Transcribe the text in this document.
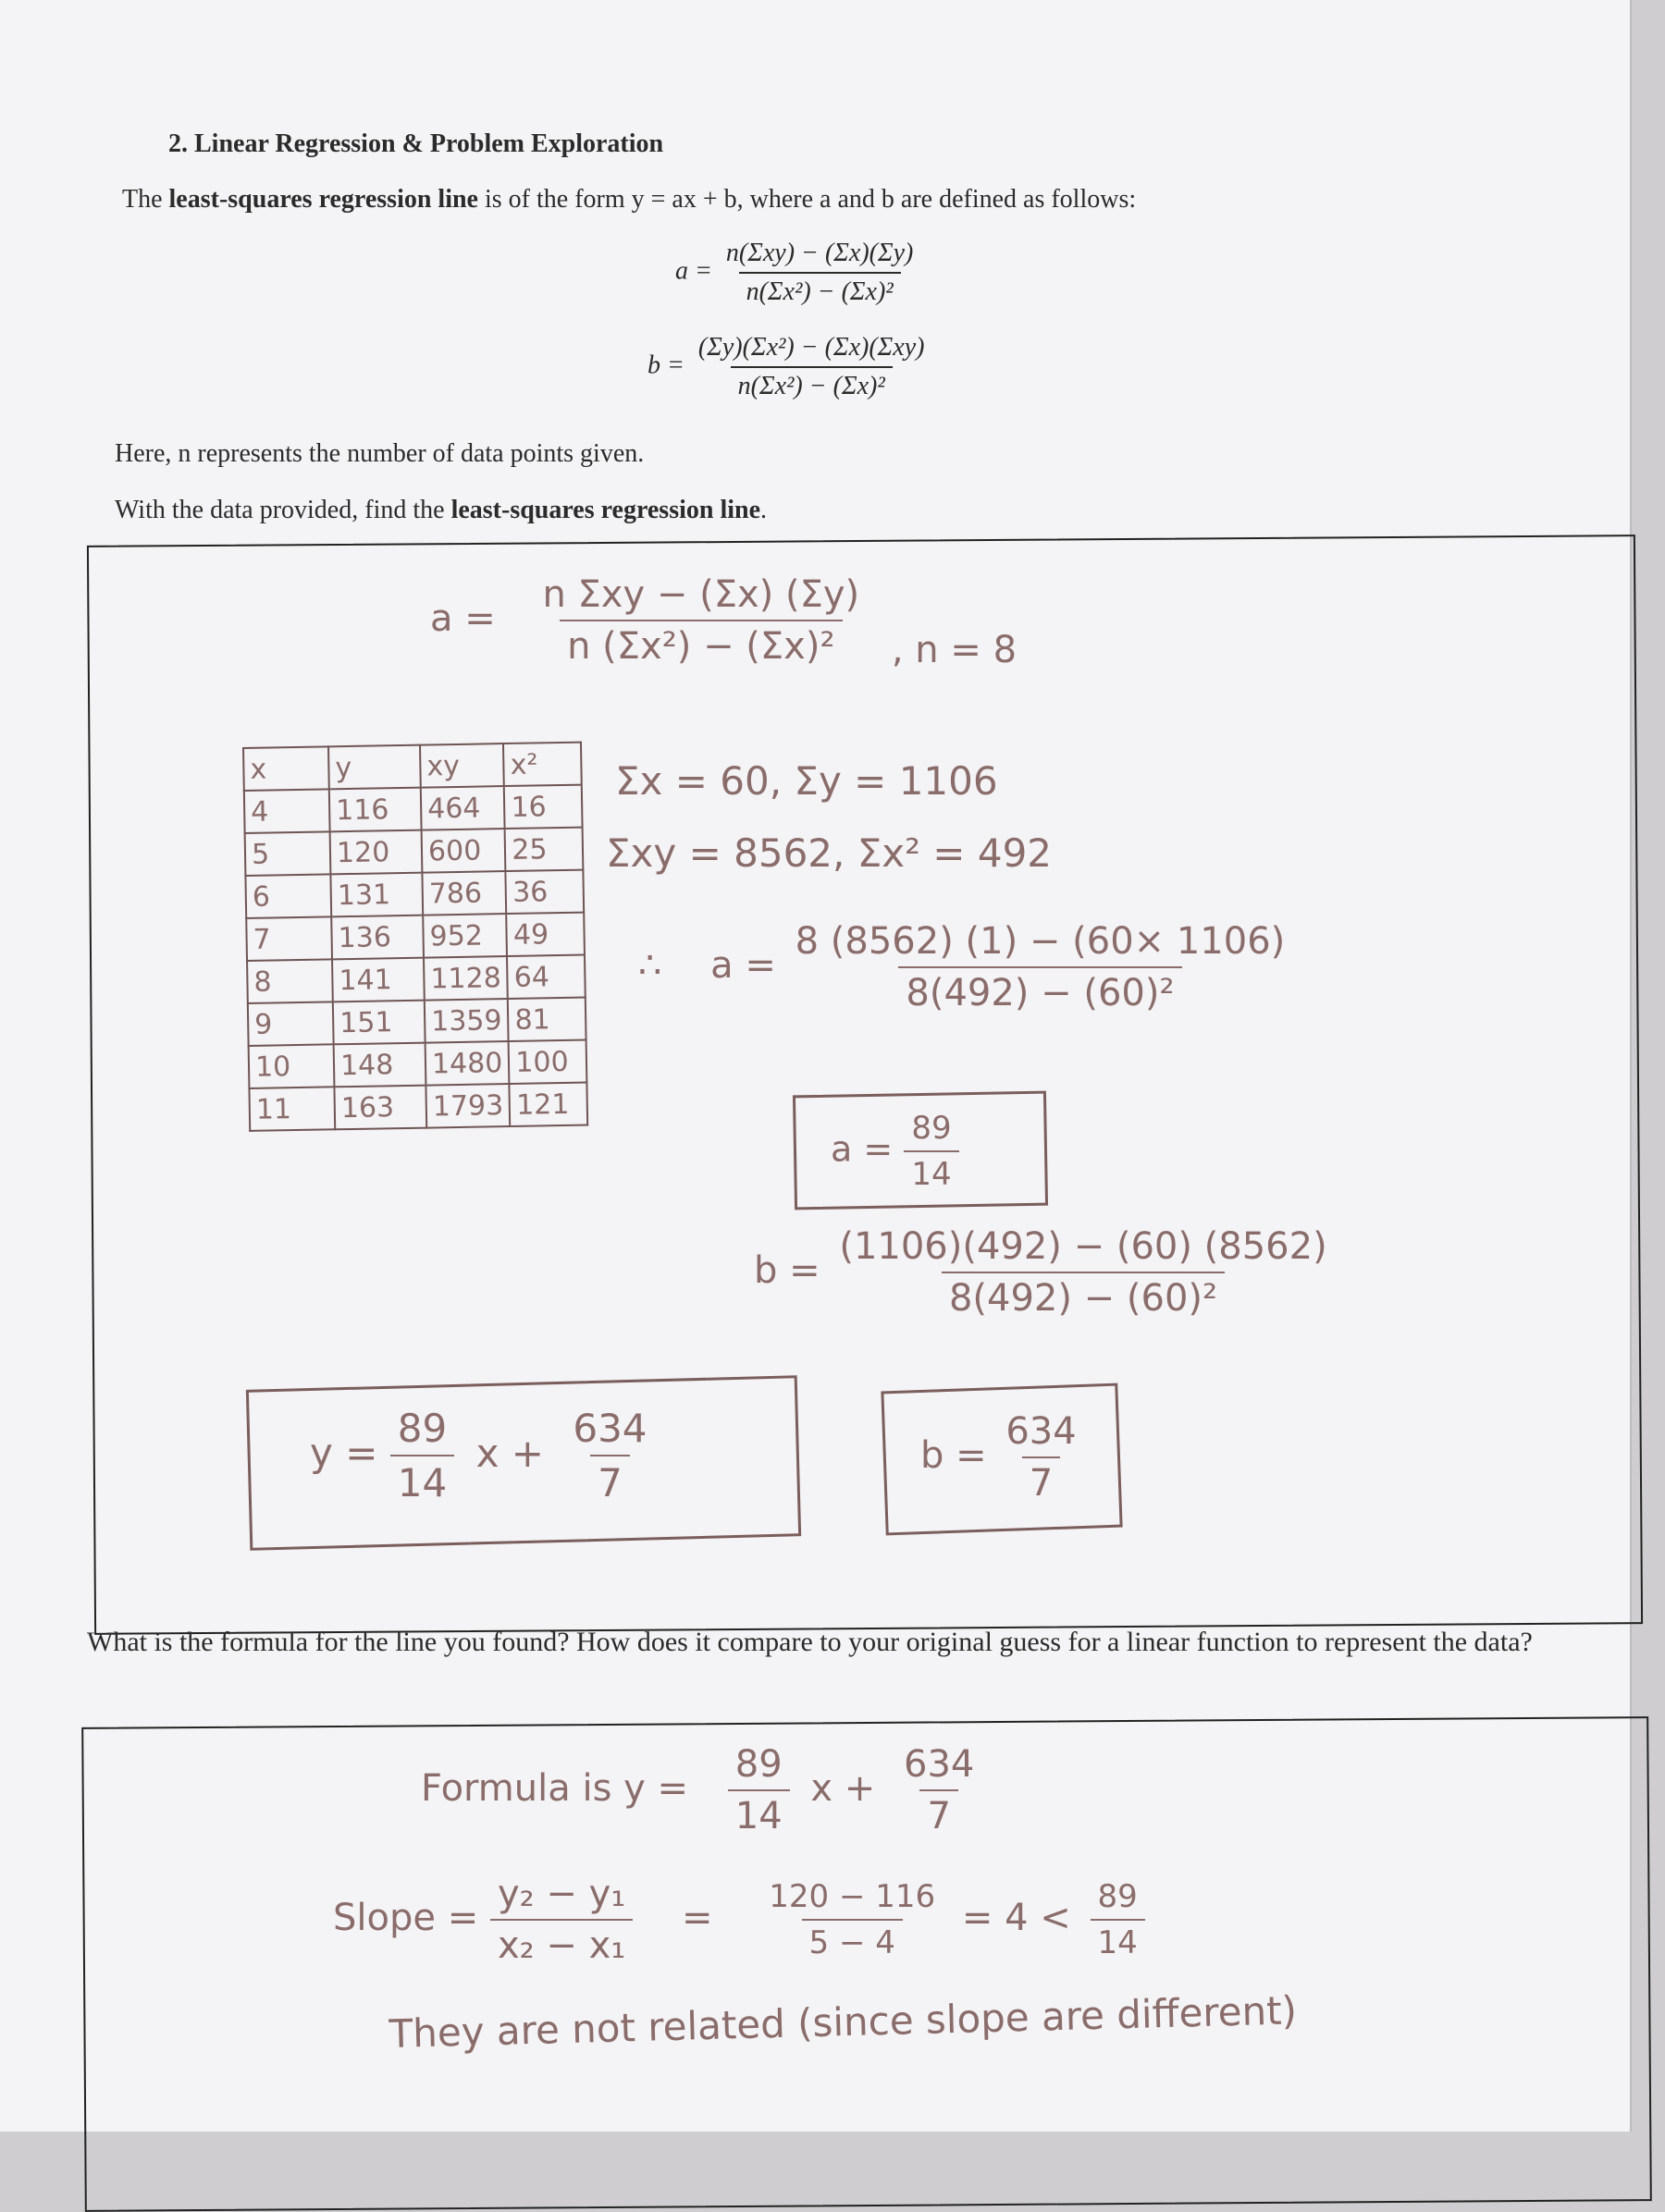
2. Linear Regression & Problem Exploration
The least-squares regression line is of the form y = ax + b, where a and b are defined as follows:
$a = \frac{\text{n(Σxy) − (Σx)(Σy)}}{\text{n(Σx²) − (Σx)²}}$
$b = \frac{\text{(Σy)(Σx²) − (Σx)(Σxy)}}{\text{n(Σx²) − (Σx)²}}$
Here, n represents the number of data points given.
With the data provided, find the least-squares regression line.
$a = \frac{\text{n Σxy − (Σx) (Σy)}}{\text{n (Σx²) − (Σx)²}}$ , n = 8
x	y	xy	x²
4	116	464	16
5	120	600	25
6	131	786	36
7	136	952	49
8	141	1128	64
9	151	1359	81
10	148	1480	100
11	163	1793	121
Σx = 60, Σy = 1106
Σxy = 8562, Σx² = 492
∴ $a = \frac{8 (8562) (1) - (60\times 1106)}{\text{8(492) − (60)²}}$
$a = \frac{89}{14}$
$b = \frac{(1106)(492) - (60) (8562)}{\text{8(492) − (60)²}}$
$y = \frac{89}{14}$ $x + \frac{634}{7}$	$b = \frac{634}{7}$
What is the formula for the line you found? How does it compare to your original guess for a linear function to represent the data?
Formula is $y = \frac{89}{14}$ $x + \frac{634}{7}$
Slope = $\frac{\text{y₂ − y₁}}{\text{x₂ − x₁}} = \frac{120 - 116}{5 - 4} = 4 < \frac{89}{14}$
They are not related (since slope are different)
